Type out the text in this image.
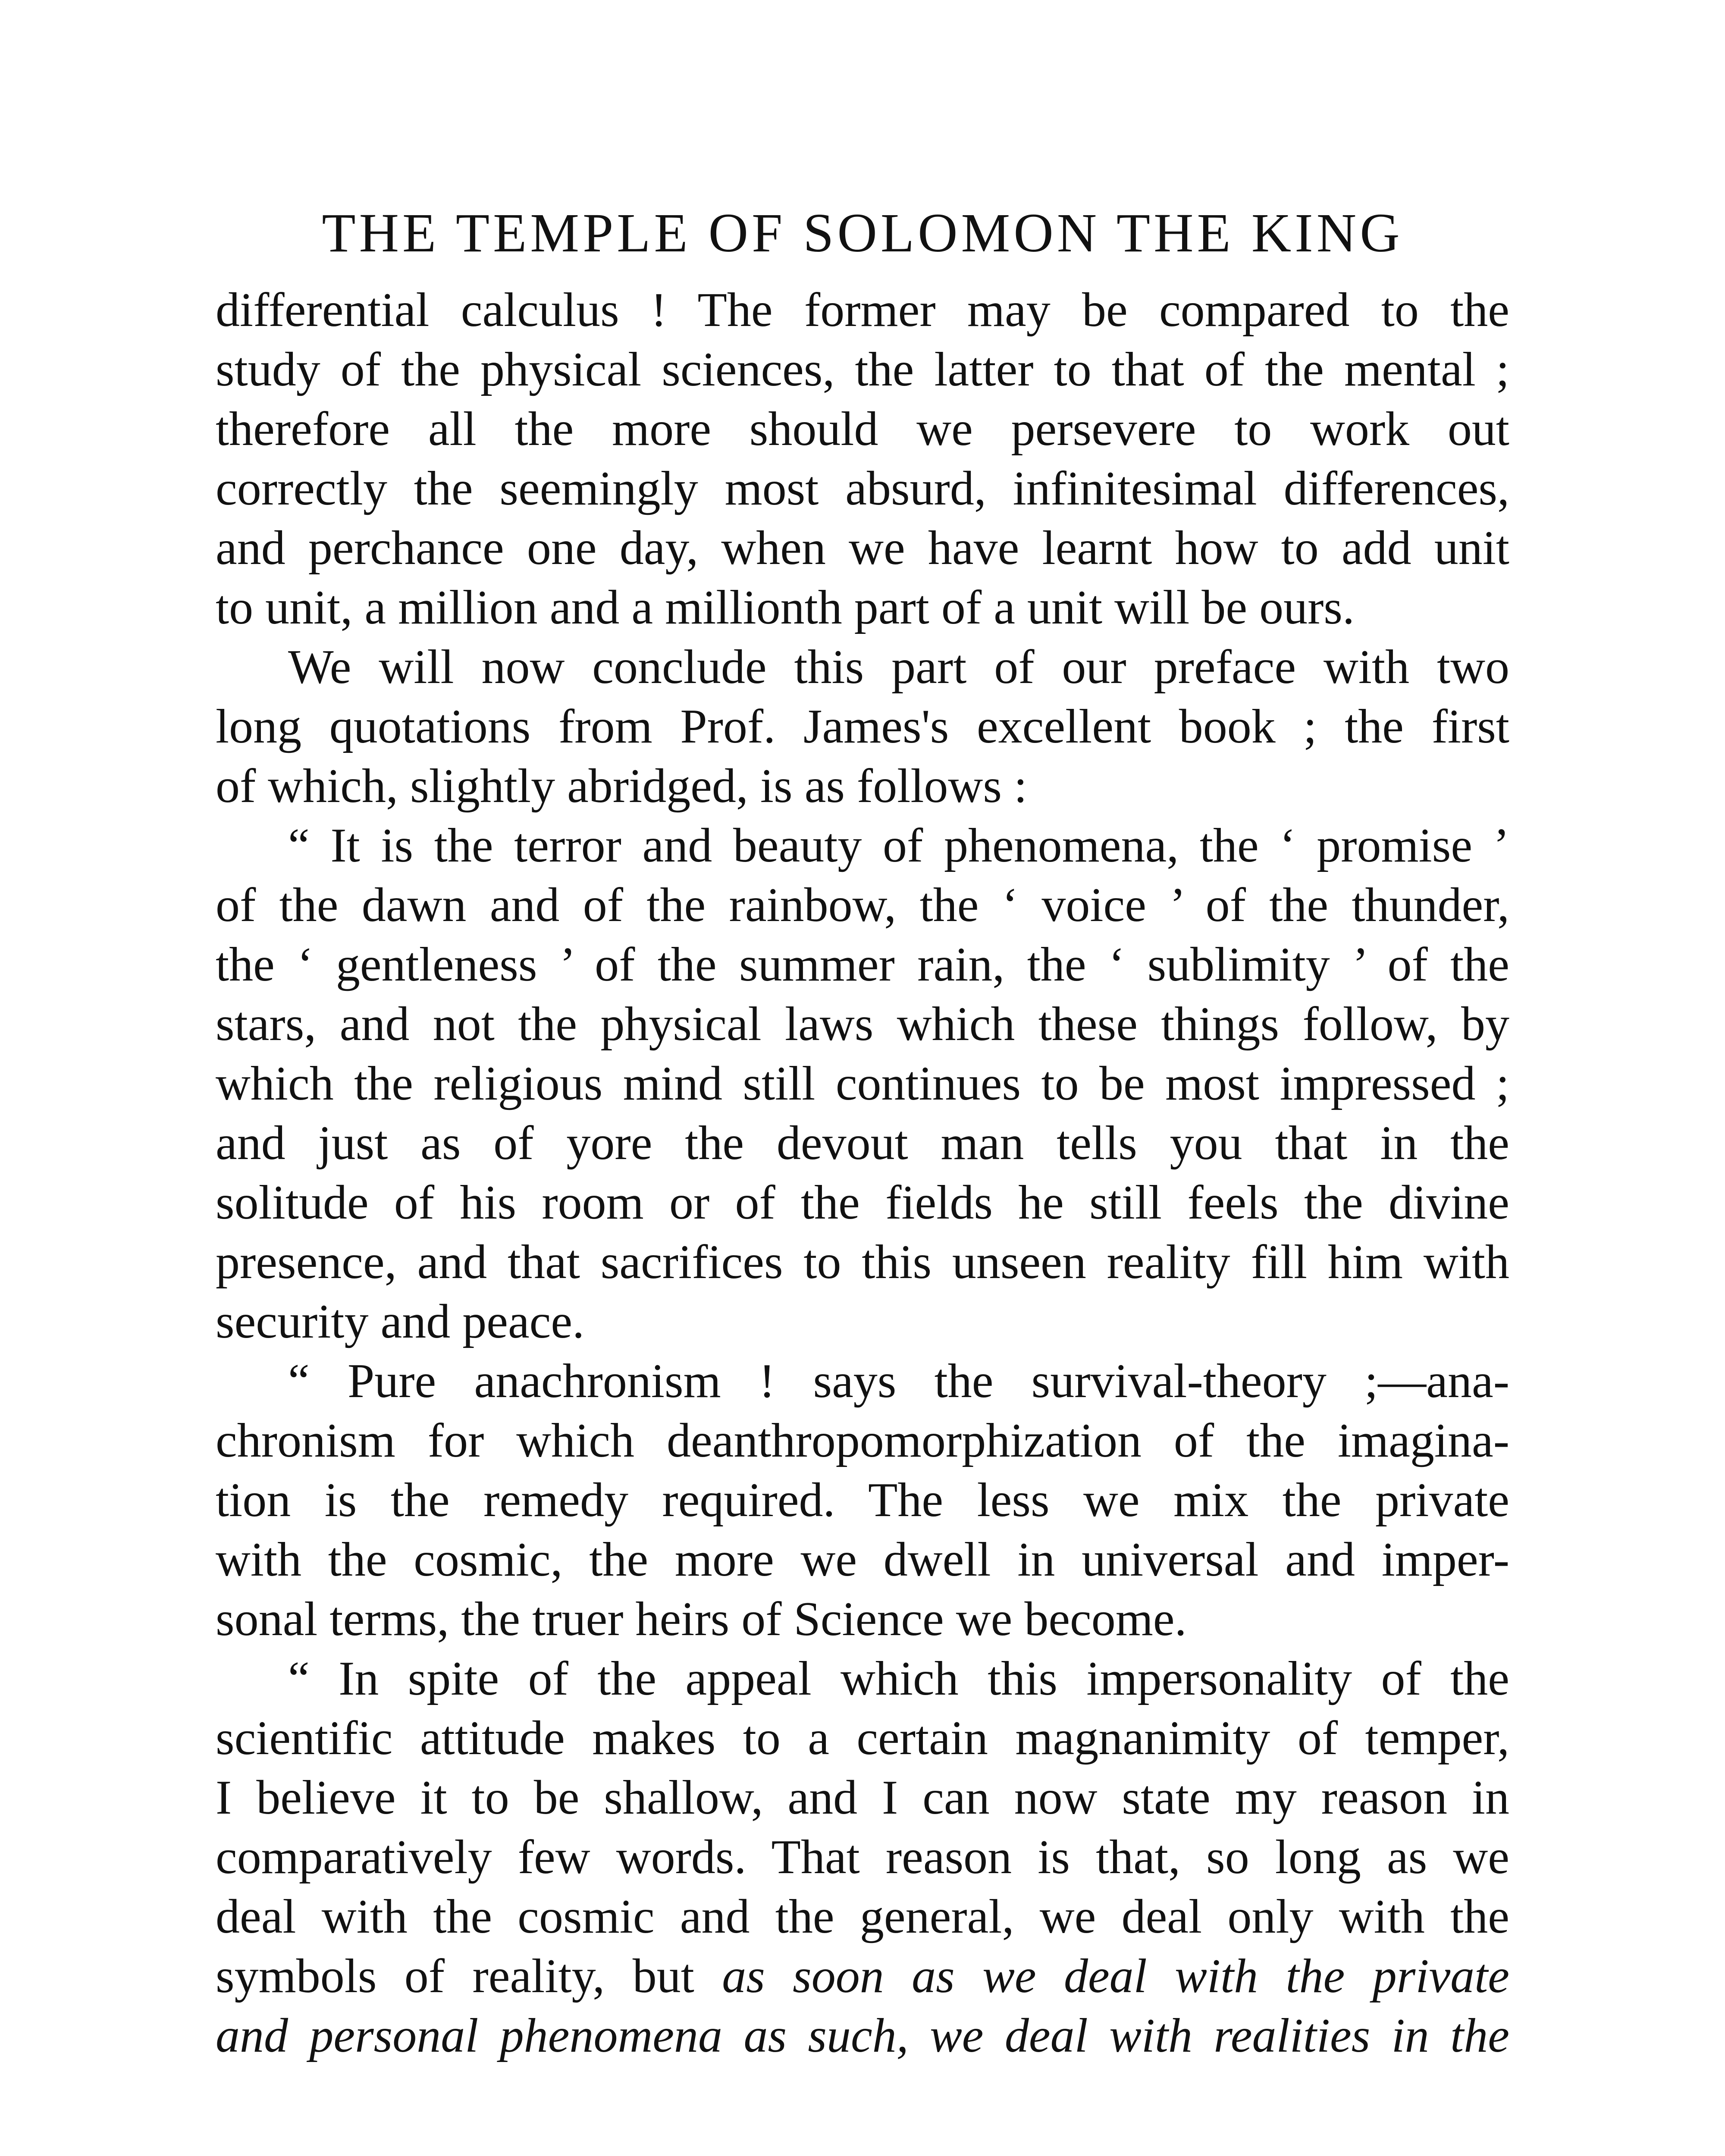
THE TEMPLE OF SOLOMON THE KING
differential calculus ! The former may be compared to the
study of the physical sciences, the latter to that of the mental ;
therefore all the more should we persevere to work out
correctly the seemingly most absurd, infinitesimal differences,
and perchance one day, when we have learnt how to add unit
to unit, a million and a millionth part of a unit will be ours.
We will now conclude this part of our preface with two
long quotations from Prof. James's excellent book ; the first
of which, slightly abridged, is as follows :
“ It is the terror and beauty of phenomena, the ‘ promise ’
of the dawn and of the rainbow, the ‘ voice ’ of the thunder,
the ‘ gentleness ’ of the summer rain, the ‘ sublimity ’ of the
stars, and not the physical laws which these things follow, by
which the religious mind still continues to be most impressed ;
and just as of yore the devout man tells you that in the
solitude of his room or of the fields he still feels the divine
presence, and that sacrifices to this unseen reality fill him with
security and peace.
“ Pure anachronism ! says the survival-theory ;—ana-
chronism for which deanthropomorphization of the imagina-
tion is the remedy required. The less we mix the private
with the cosmic, the more we dwell in universal and imper-
sonal terms, the truer heirs of Science we become.
“ In spite of the appeal which this impersonality of the
scientific attitude makes to a certain magnanimity of temper,
I believe it to be shallow, and I can now state my reason in
comparatively few words. That reason is that, so long as we
deal with the cosmic and the general, we deal only with the
symbols of reality, but as soon as we deal with the private
and personal phenomena as such, we deal with realities in the
